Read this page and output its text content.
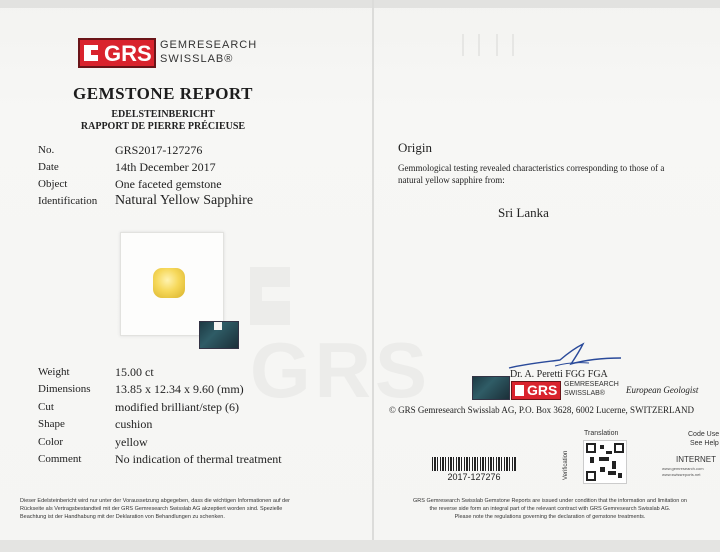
GRS
GRS GEMRESEARCH
SWISSLAB®
GEMSTONE REPORT
EDELSTEINBERICHT
RAPPORT DE PIERRE PRÉCIEUSE
No.	GRS2017-127276
Date	14th December 2017
Object	One faceted gemstone
Identification Natural Yellow Sapphire
Weight	15.00 ct
Dimensions 13.85 x 12.34 x 9.60 (mm)
Cut	modified brilliant/step (6)
Shape	cushion
Color	yellow
Comment	No indication of thermal treatment
Dieser Edelsteinbericht wird nur unter der Voraussetzung abgegeben, dass die wichtigen Informationen auf der
Rückseite als Vertragsbestandteil mit der GRS Gemresearch Swisslab AG akzeptiert worden sind. Spezielle
Beachtung ist der Handhabung mit der Deklaration von Behandlungen zu schenken.
Origin
Gemmological testing revealed characteristics corresponding to those of a natural yellow sapphire from:
Sri Lanka
Dr. A. Peretti FGG FGA
GRS GEMRESEARCH
SWISSLAB® European Geologist
© GRS Gemresearch Swisslab AG, P.O. Box 3628, 6002 Lucerne, SWITZERLAND
2017-127276	Verification
Translation	Code Use
See Help
INTERNET
www.gemresearch.com
www.swissreports.net
GRS Gemresearch Swisslab Gemstone Reports are issued under condition that the information and limitation on
the reverse side form an integral part of the relevant contract with GRS Gemresearch Swisslab AG.
Please note the regulations governing the declaration of gemstone treatments.
